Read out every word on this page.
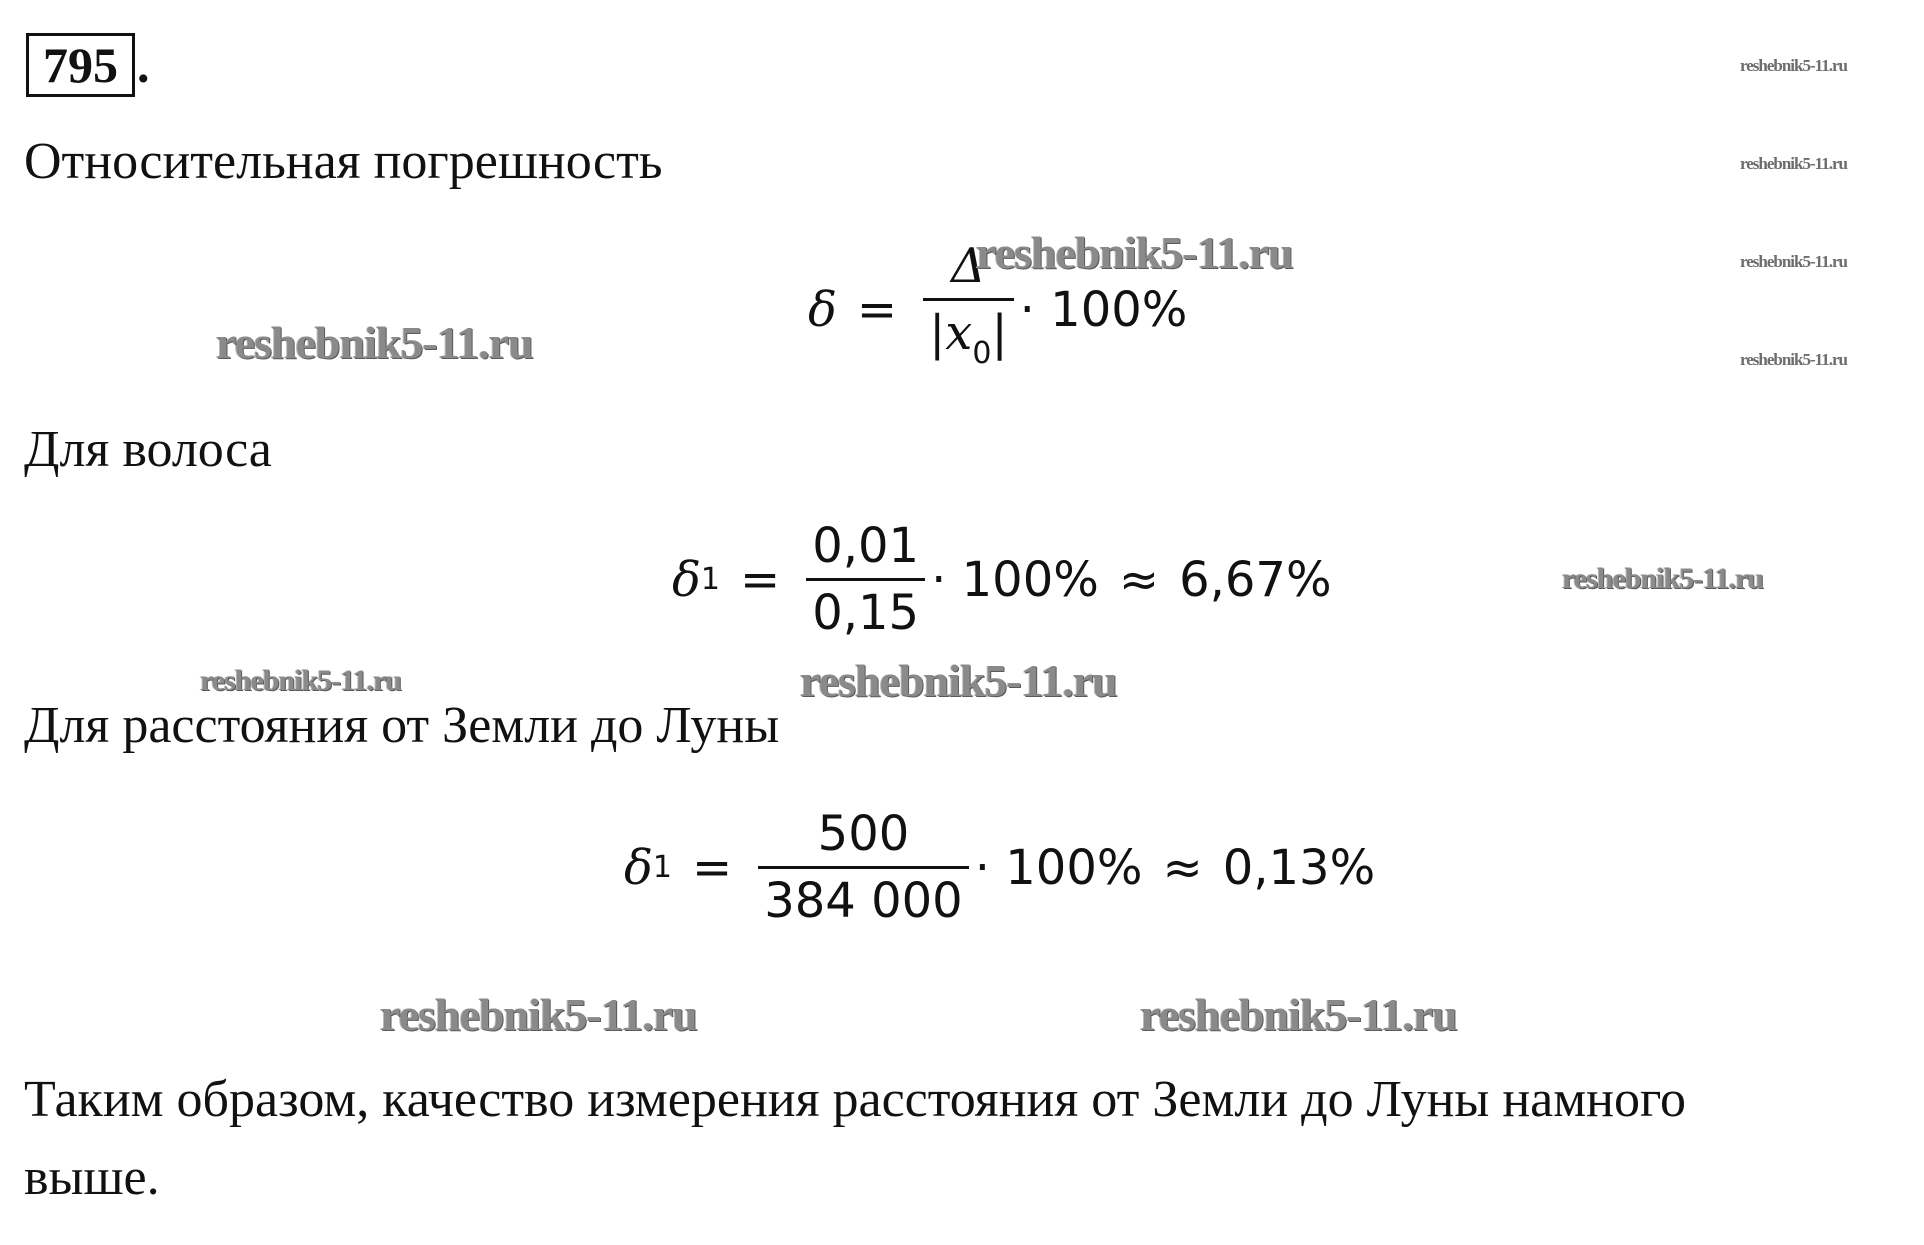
795 .
Относительная погрешность
$\delta = \frac{\Delta}{|x_0|} \cdot 100\%$
Для волоса
δ $1 = \frac{0,01}{0,15} \cdot 100\% \approx 6,67\%$
Для расстояния от Земли до Луны
δ $1 = \frac{500}{384 000} \cdot 100\% \approx 0,13\%$
Таким образом, качество измерения расстояния от Земли до Луны намного
выше.
reshebnik5-11.ru
reshebnik5-11.ru
reshebnik5-11.ru
reshebnik5-11.ru
reshebnik5-11.ru
reshebnik5-11.ru
reshebnik5-11.ru
reshebnik5-11.ru	reshebnik5-11.ru
reshebnik5-11.ru	reshebnik5-11.ru
